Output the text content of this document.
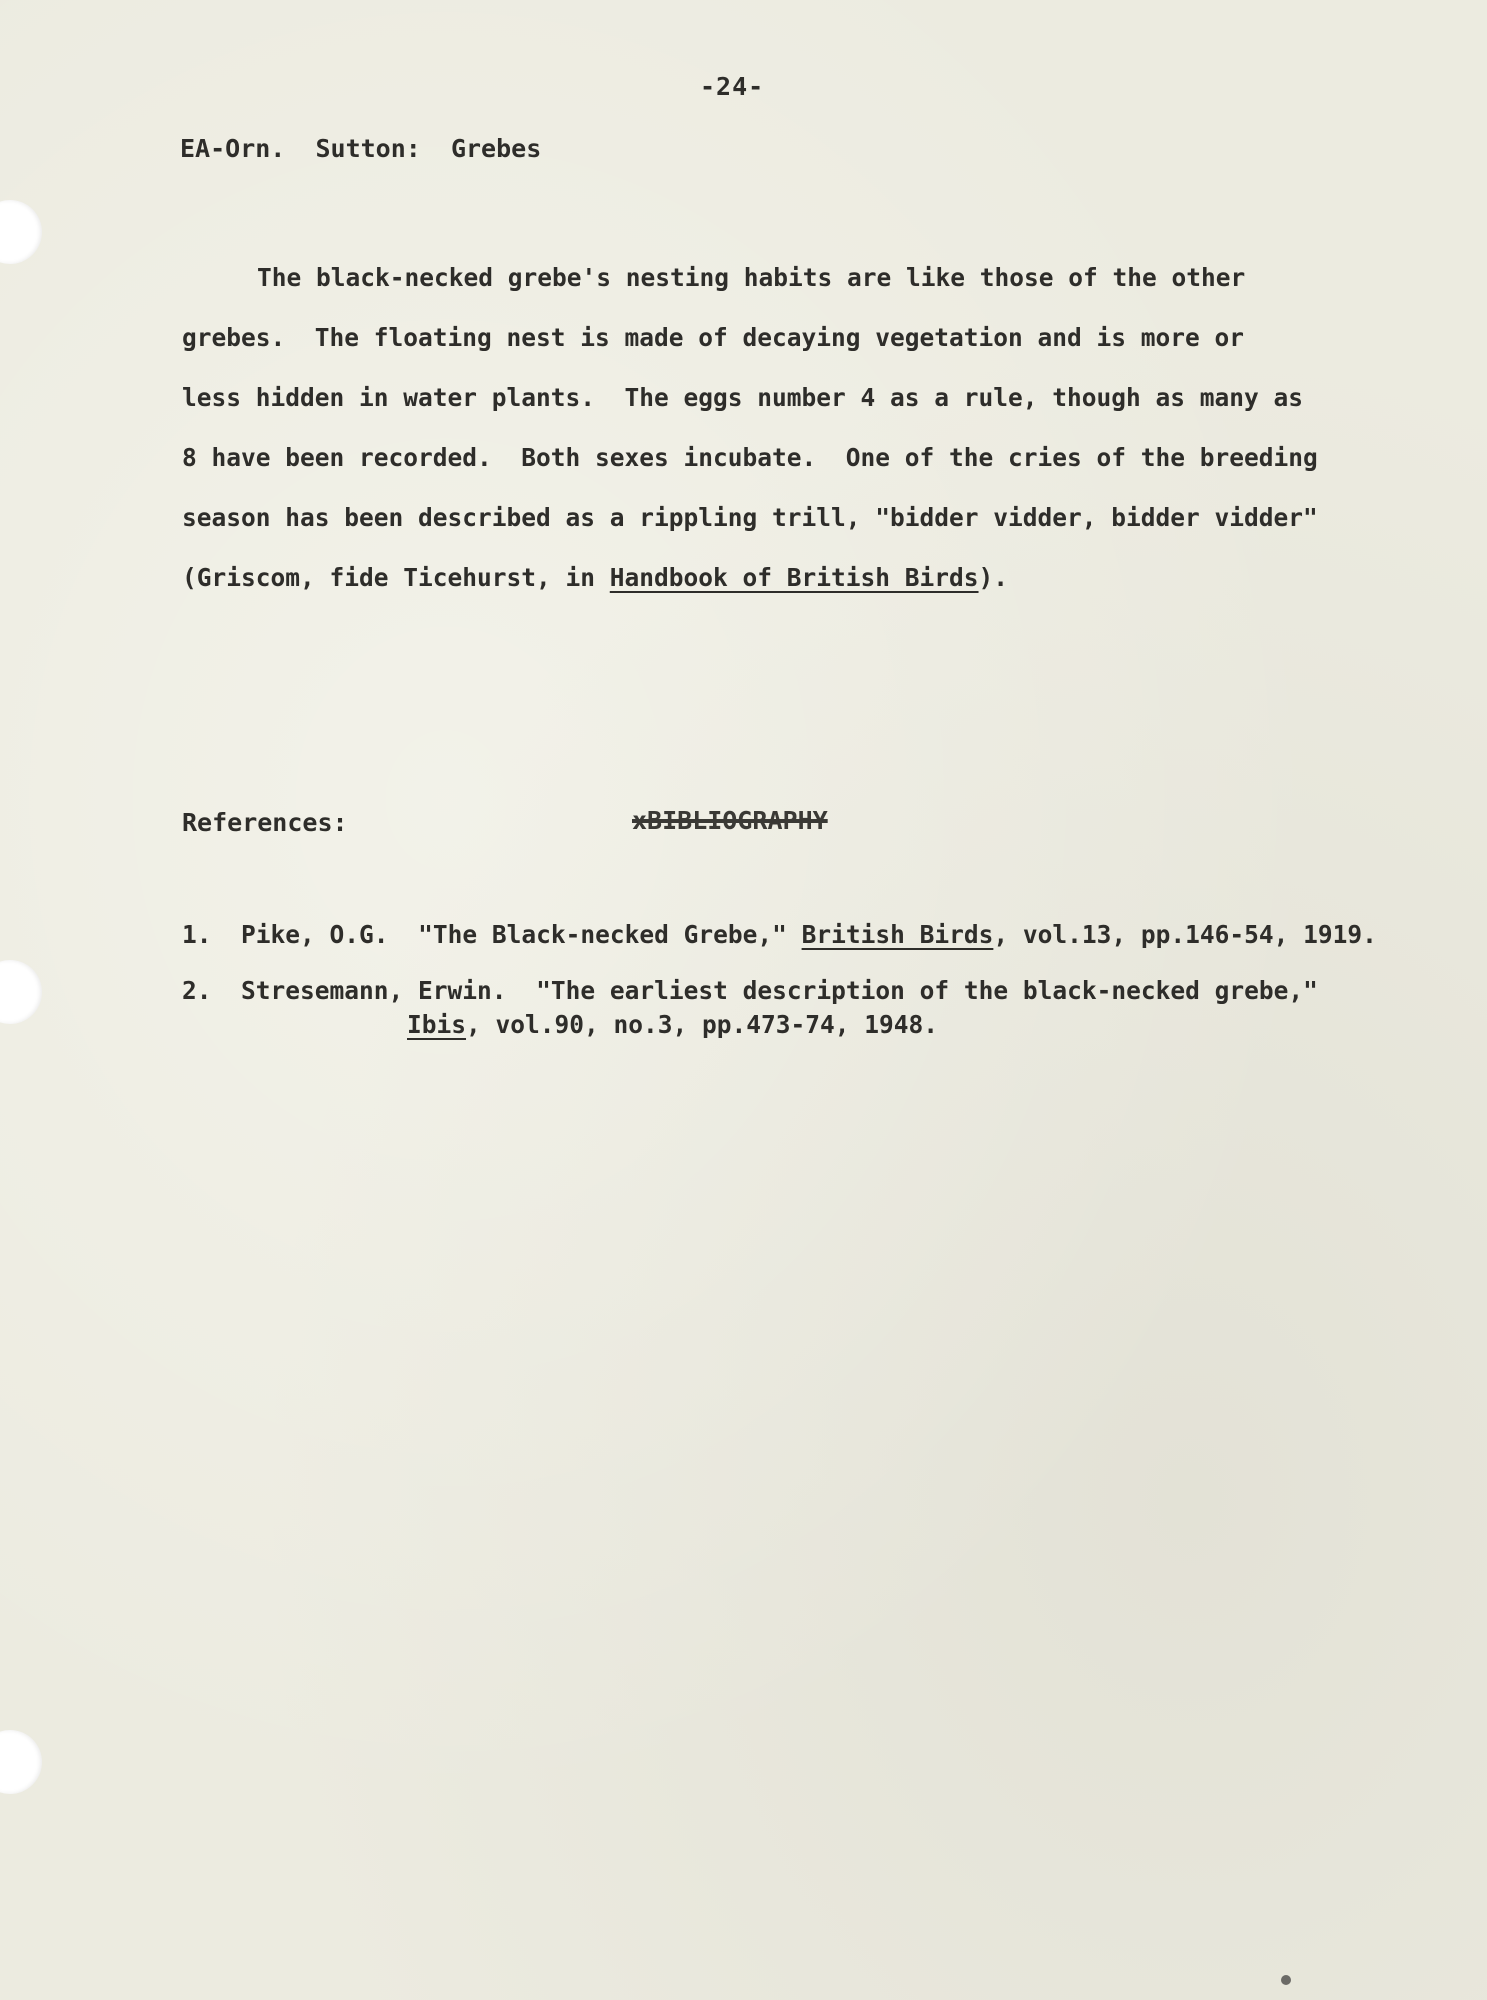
-24-
EA-Orn. Sutton: Grebes
The black-necked grebe's nesting habits are like those of the other
grebes.  The floating nest is made of decaying vegetation and is more or
less hidden in water plants.  The eggs number 4 as a rule, though as many as
8 have been recorded.  Both sexes incubate.  One of the cries of the breeding
season has been described as a rippling trill, "bidder vidder, bidder vidder"
(Griscom, fide Ticehurst, in Handbook of British Birds).
References:	xBIBLIOGRAPHY
1. Pike, O.G. "The Black-necked Grebe," British Birds, vol.13, pp.146-54, 1919.
2. Stresemann, Erwin. "The earliest description of the black-necked grebe,"
Ibis, vol.90, no.3, pp.473-74, 1948.
